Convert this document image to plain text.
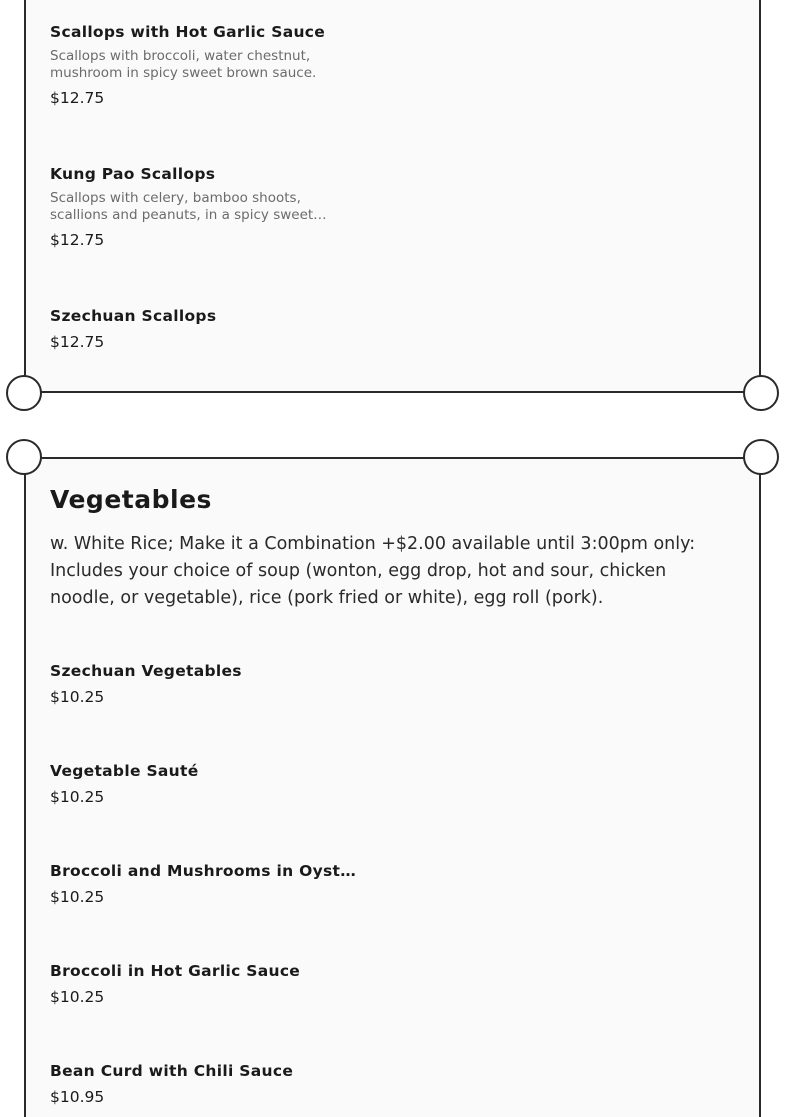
Scallops with Hot Garlic Sauce

Scallops with broccoli, water chestnut, mushroom in spicy sweet brown sauce.

$12.75

Kung Pao Scallops

Scallops with celery, bamboo shoots, scallions and peanuts, in a spicy sweet…

$12.75

Szechuan Scallops

$12.75

Vegetables

w. White Rice; Make it a Combination +$2.00 available until 3:00pm only: Includes your choice of soup (wonton, egg drop, hot and sour, chicken noodle, or vegetable), rice (pork fried or white), egg roll (pork).

Szechuan Vegetables

$10.25

Vegetable Sauté

$10.25

Broccoli and Mushrooms in Oyst…

$10.25

Broccoli in Hot Garlic Sauce

$10.25

Bean Curd with Chili Sauce

$10.95
